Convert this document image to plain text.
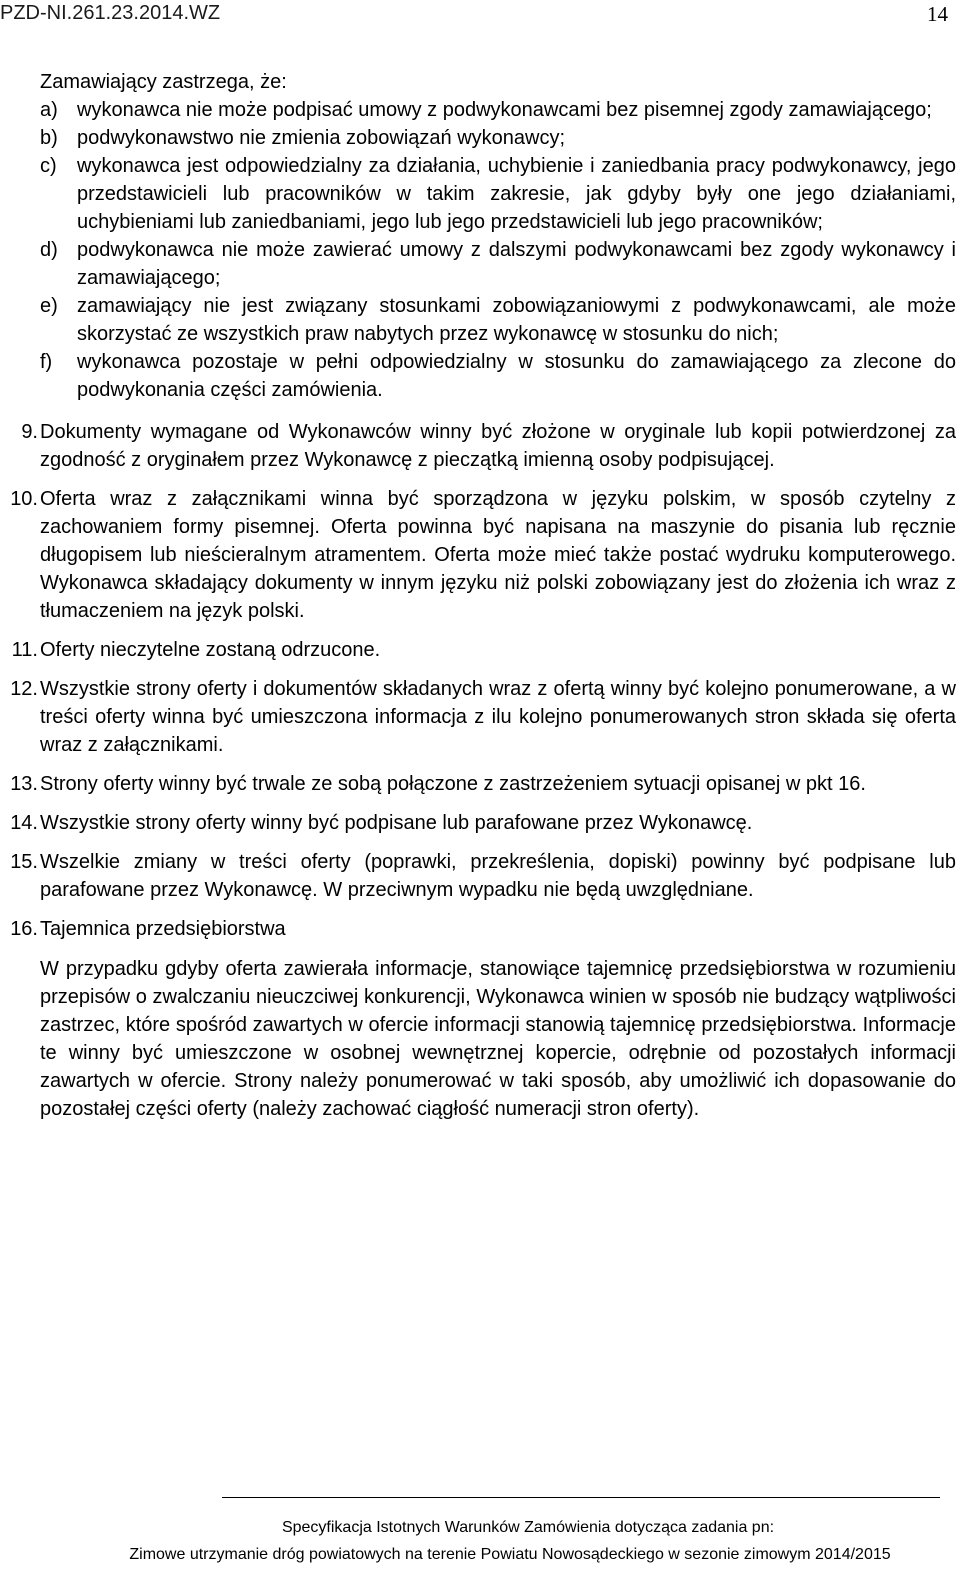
PZD-NI.261.23.2014.WZ	14

Zamawiający zastrzega, że:

a) wykonawca nie może podpisać umowy z podwykonawcami bez pisemnej zgody zamawiającego;
b) podwykonawstwo nie zmienia zobowiązań wykonawcy;
c)	wykonawca jest odpowiedzialny za działania, uchybienie i zaniedbania pracy podwykonawcy, jego przedstawicieli lub pracowników w takim zakresie, jak gdyby były one jego działaniami, uchybieniami lub zaniedbaniami, jego lub jego przedstawicieli lub jego pracowników;
d) podwykonawca nie może zawierać umowy z dalszymi podwykonawcami bez zgody wykonawcy i zamawiającego;
e) zamawiający nie jest związany stosunkami zobowiązaniowymi z podwykonawcami, ale może skorzystać ze wszystkich praw nabytych przez wykonawcę w stosunku do nich;
f)	wykonawca pozostaje w pełni odpowiedzialny w stosunku do zamawiającego za zlecone do podwykonania części zamówienia.
9. Dokumenty wymagane od Wykonawców winny być złożone w oryginale lub kopii potwierdzonej za zgodność z oryginałem przez Wykonawcę z pieczątką imienną osoby podpisującej.
10. Oferta wraz z załącznikami winna być sporządzona w języku polskim, w sposób czytelny z zachowaniem formy pisemnej. Oferta powinna być napisana na maszynie do pisania lub ręcznie długopisem lub nieścieralnym atramentem. Oferta może mieć także postać wydruku komputerowego. Wykonawca składający dokumenty w innym języku niż polski zobowiązany jest do złożenia ich wraz z tłumaczeniem na język polski.
11. Oferty nieczytelne zostaną odrzucone.
12. Wszystkie strony oferty i dokumentów składanych wraz z ofertą winny być kolejno ponumerowane, a w treści oferty winna być umieszczona informacja z ilu kolejno ponumerowanych stron składa się oferta wraz z załącznikami.
13. Strony oferty winny być trwale ze sobą połączone z zastrzeżeniem sytuacji opisanej w pkt 16.
14. Wszystkie strony oferty winny być podpisane lub parafowane przez Wykonawcę.
15. Wszelkie zmiany w treści oferty (poprawki, przekreślenia, dopiski) powinny być podpisane lub parafowane przez Wykonawcę. W przeciwnym wypadku nie będą uwzględniane.
16. Tajemnica przedsiębiorstwa

W przypadku gdyby oferta zawierała informacje, stanowiące tajemnicę przedsiębiorstwa w rozumieniu przepisów o zwalczaniu nieuczciwej konkurencji, Wykonawca winien w sposób nie budzący wątpliwości zastrzec, które spośród zawartych w ofercie informacji stanowią tajemnicę przedsiębiorstwa. Informacje te winny być umieszczone w osobnej wewnętrznej kopercie, odrębnie od pozostałych informacji zawartych w ofercie. Strony należy ponumerować w taki sposób, aby umożliwić ich dopasowanie do pozostałej części oferty (należy zachować ciągłość numeracji stron oferty).

Specyfikacja Istotnych Warunków Zamówienia dotycząca zadania pn:
Zimowe utrzymanie dróg powiatowych na terenie Powiatu Nowosądeckiego w sezonie zimowym 2014/2015
